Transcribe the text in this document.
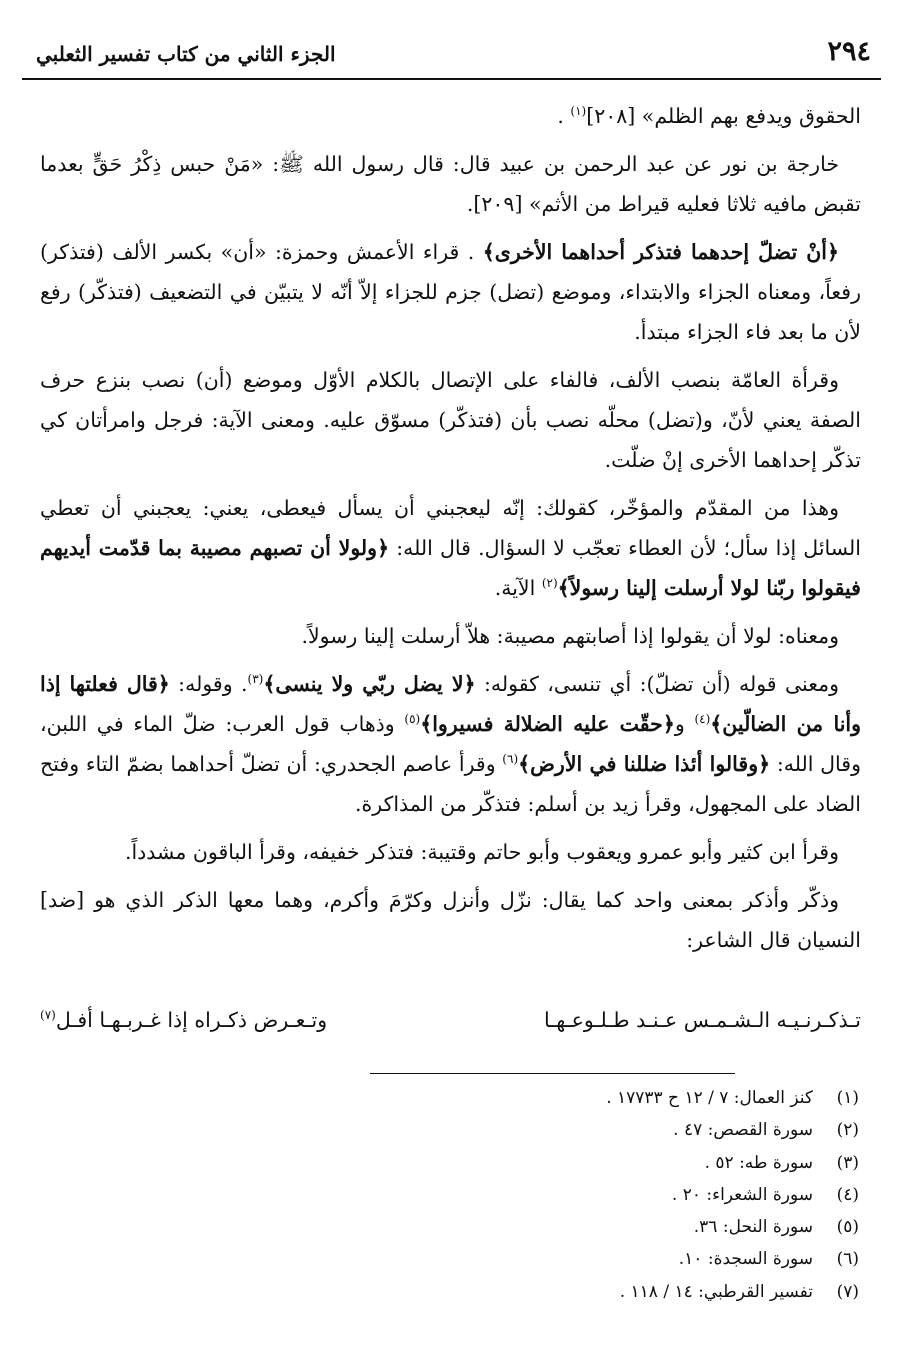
٢٩٤
الجزء الثاني من كتاب تفسير الثعلبي

الحقوق ويدفع بهم الظلم» [٢٠٨]$^{(١)}$ .

خارجة بن نور عن عبد الرحمن بن عبيد قال: قال رسول الله ﷺ: «مَنْ حبس ذِكْرُ حَقٍّ بعدما تقبض مافيه ثلاثا فعليه قيراط من الأثم» [٢٠٩].

﴿أنْ تضلّ إحدهما فتذكر أحداهما الأخرى﴾ . قراء الأعمش وحمزة: «أن» بكسر الألف (فتذكر) رفعاً، ومعناه الجزاء والابتداء، وموضع (تضل) جزم للجزاء إلاّ أنّه لا يتبيّن في التضعيف (فتذكّر) رفع لأن ما بعد فاء الجزاء مبتدأ.

وقرأة العامّة بنصب الألف، فالفاء على الإتصال بالكلام الأوّل وموضع (أن) نصب بنزع حرف الصفة يعني لأنّ، و(تضل) محلّه نصب بأن (فتذكّر) مسوّق عليه. ومعنى الآية: فرجل وامرأتان كي تذكّر إحداهما الأخرى إنْ ضلّت.

وهذا من المقدّم والمؤخّر، كقولك: إنّه ليعجبني أن يسأل فيعطى، يعني: يعجبني أن تعطي السائل إذا سأل؛ لأن العطاء تعجّب لا السؤال. قال الله: ﴿ولولا أن تصبهم مصيبة بما قدّمت أيديهم فيقولوا ربّنا لولا أرسلت إلينا رسولاً﴾$^{(٢)}$ الآية.

ومعناه: لولا أن يقولوا إذا أصابتهم مصيبة: هلاّ أرسلت إلينا رسولاً.

ومعنى قوله (أن تضلّ): أي تنسى، كقوله: ﴿لا يضل ربّي ولا ينسى﴾$^{(٣)}$. وقوله: ﴿قال فعلتها إذا وأنا من الضالّين﴾$^{(٤)}$ و﴿حقّت عليه الضلالة فسيروا﴾$^{(٥)}$ وذهاب قول العرب: ضلّ الماء في اللبن، وقال الله: ﴿وقالوا أئذا ضللنا في الأرض﴾$^{(٦)}$ وقرأ عاصم الجحدري: أن تضلّ أحداهما بضمّ التاء وفتح الضاد على المجهول، وقرأ زيد بن أسلم: فتذكّر من المذاكرة.

وقرأ ابن كثير وأبو عمرو ويعقوب وأبو حاتم وقتيبة: فتذكر خفيفه، وقرأ الباقون مشدداً.

وذكّر وأذكر بمعنى واحد كما يقال: نزّل وأنزل وكرّمَ وأكرم، وهما معها الذكر الذي هو [ضد] النسيان قال الشاعر:

تـذكـرنـيـه الـشـمـس عـنـد طـلـوعـهـا
وتـعـرض ذكـراه إذا غـربـهـا أفـل$^{(٧)}$
(١)كنز العمال: ٧ / ١٢ ح ١٧٧٣٣ .
(٢)سورة القصص: ٤٧ .
(٣)سورة طه: ٥٢ .
(٤)سورة الشعراء: ٢٠ .
(٥)سورة النحل: ٣٦.
(٦)سورة السجدة: ١٠.
(٧)تفسير القرطبي: ١٤ / ١١٨ .
